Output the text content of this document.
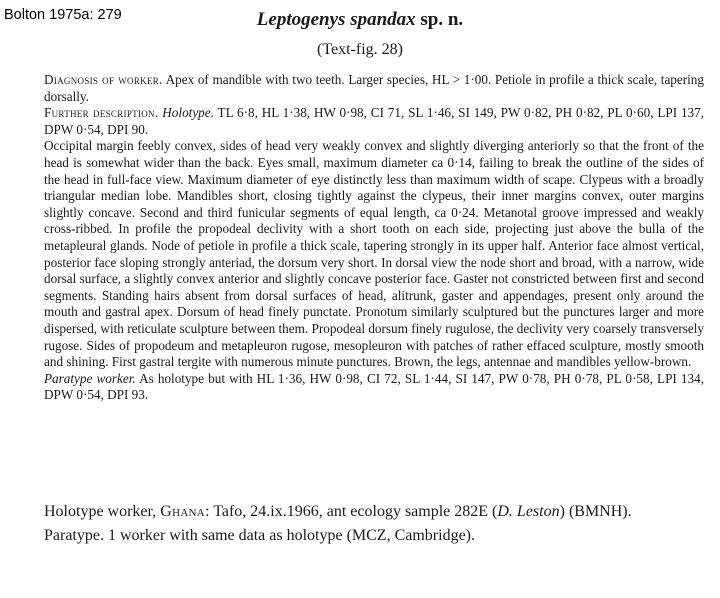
Bolton 1975a: 279	Leptogenys spandax sp. n.
(Text-fig. 28)

Diagnosis of worker. Apex of mandible with two teeth. Larger species, HL > 1·00. Petiole in profile a thick scale, tapering dorsally.

Further description. Holotype. TL 6·8, HL 1·38, HW 0·98, CI 71, SL 1·46, SI 149, PW 0·82, PH 0·82, PL 0·60, LPI 137, DPW 0·54, DPI 90.

Occipital margin feebly convex, sides of head very weakly convex and slightly diverging anteriorly so that the front of the head is somewhat wider than the back. Eyes small, maximum diameter ca 0·14, failing to break the outline of the sides of the head in full-face view. Maximum diameter of eye distinctly less than maximum width of scape. Clypeus with a broadly triangular median lobe. Mandibles short, closing tightly against the clypeus, their inner margins convex, outer margins slightly concave. Second and third funicular segments of equal length, ca 0·24. Metanotal groove impressed and weakly cross-ribbed. In profile the propodeal declivity with a short tooth on each side, projecting just above the bulla of the metapleural glands. Node of petiole in profile a thick scale, tapering strongly in its upper half. Anterior face almost vertical, posterior face sloping strongly anteriad, the dorsum very short. In dorsal view the node short and broad, with a narrow, wide dorsal surface, a slightly convex anterior and slightly concave posterior face. Gaster not constricted between first and second segments. Standing hairs absent from dorsal surfaces of head, alitrunk, gaster and appendages, present only around the mouth and gastral apex. Dorsum of head finely punctate. Pronotum similarly sculptured but the punctures larger and more dispersed, with reticulate sculpture between them. Propodeal dorsum finely rugulose, the declivity very coarsely transversely rugose. Sides of propodeum and metapleuron rugose, mesopleuron with patches of rather effaced sculpture, mostly smooth and shining. First gastral tergite with numerous minute punctures. Brown, the legs, antennae and mandibles yellow-brown.

Paratype worker. As holotype but with HL 1·36, HW 0·98, CI 72, SL 1·44, SI 147, PW 0·78, PH 0·78, PL 0·58, LPI 134, DPW 0·54, DPI 93.

Holotype worker, Ghana: Tafo, 24.ix.1966, ant ecology sample 282E (D. Leston) (BMNH).

Paratype. 1 worker with same data as holotype (MCZ, Cambridge).
